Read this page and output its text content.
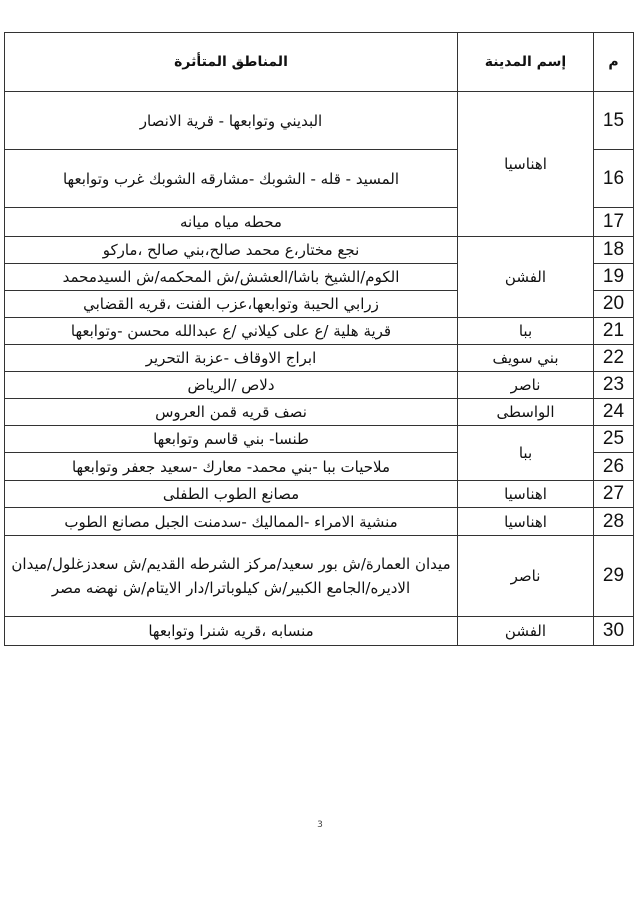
م	إسم المدينة	المناطق المتأثرة
15	اهناسيا	البديني وتوابعها - قرية الانصار
16		المسيد - قله - الشوبك -مشارقه الشوبك غرب وتوابعها
17		محطه مياه ميانه
18	الفشن	نجع مختار،ع محمد صالح،بني صالح ،ماركو
19		الكوم/الشيخ باشا/العشش/ش المحكمه/ش السيدمحمد
20		زرابي الحيبة وتوابعها،عزب الفنت ،قريه القضابي
21	ببا	قرية هلية /ع على كيلاني /ع عبدالله محسن -وتوابعها
22	بني سويف	ابراج الاوقاف -عزبة التحرير
23	ناصر	دلاص /الرياض
24	الواسطى	نصف قريه قمن العروس
25	ببا	طنسا- بني قاسم وتوابعها
26		ملاحيات ببا -بني محمد- معارك -سعيد جعفر وتوابعها
27	اهناسيا	مصانع الطوب الطفلى
28	اهناسيا	منشية الامراء -المماليك -سدمنت الجبل مصانع الطوب
29	ناصر	ميدان العمارة/ش بور سعيد/مركز الشرطه القديم/ش سعدزغلول/ميدان الاديره/الجامع الكبير/ش كيلوباترا/دار الايتام/ش نهضه مصر
30	الفشن	منسابه ،قريه شنرا وتوابعها
3
